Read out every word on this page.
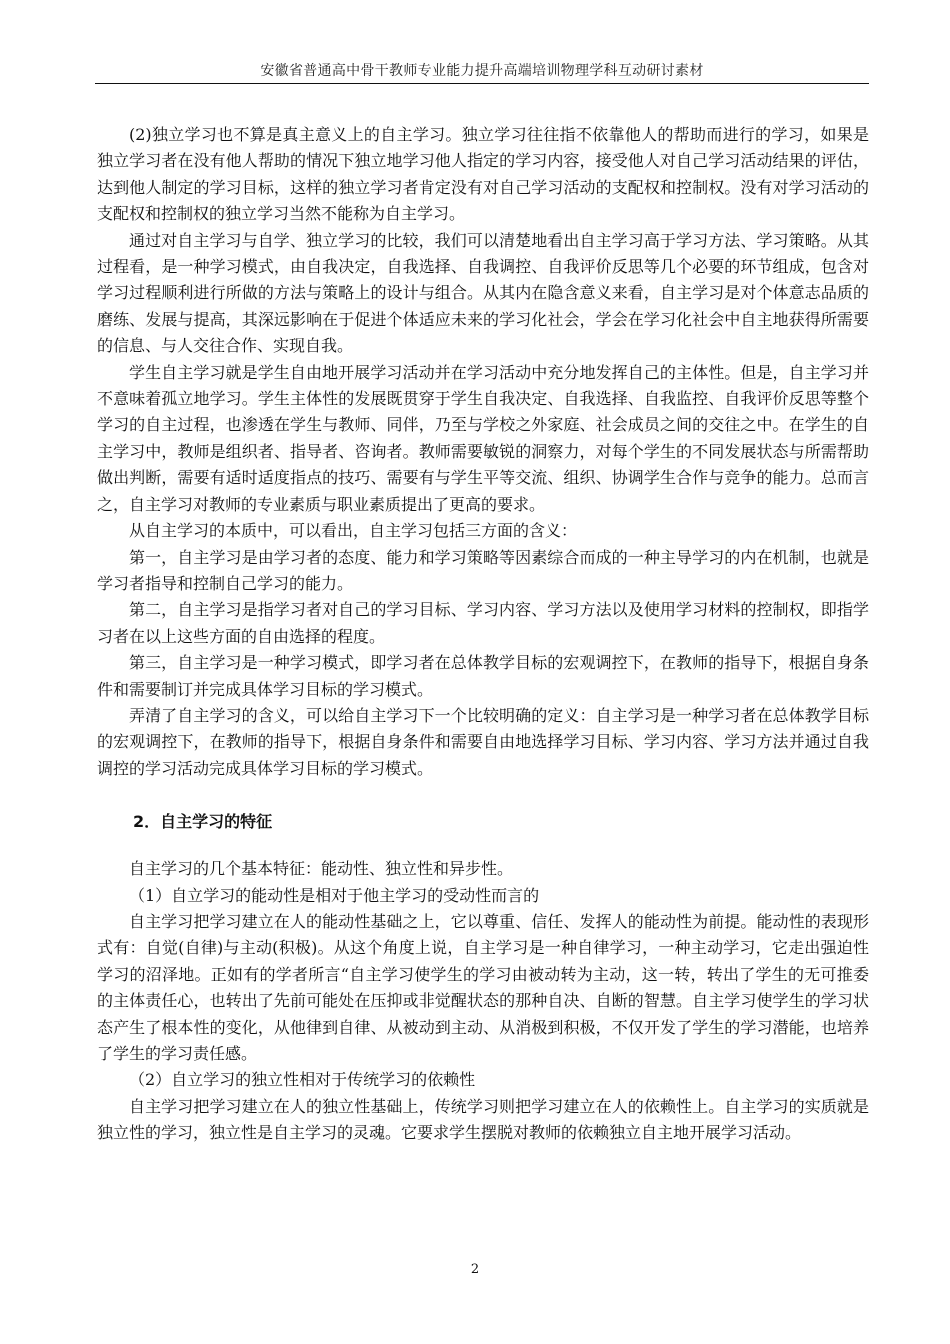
安徽省普通高中骨干教师专业能力提升高端培训物理学科互动研讨素材

(2)独立学习也不算是真主意义上的自主学习。独立学习往往指不依靠他人的帮助而进行的学习，如果是独立学习者在没有他人帮助的情况下独立地学习他人指定的学习内容，接受他人对自己学习活动结果的评估，达到他人制定的学习目标，这样的独立学习者肯定没有对自己学习活动的支配权和控制权。没有对学习活动的支配权和控制权的独立学习当然不能称为自主学习。

通过对自主学习与自学、独立学习的比较，我们可以清楚地看出自主学习高于学习方法、学习策略。从其过程看，是一种学习模式，由自我决定，自我选择、自我调控、自我评价反思等几个必要的环节组成，包含对学习过程顺利进行所做的方法与策略上的设计与组合。从其内在隐含意义来看，自主学习是对个体意志品质的磨练、发展与提高，其深远影响在于促进个体适应未来的学习化社会，学会在学习化社会中自主地获得所需要的信息、与人交往合作、实现自我。

学生自主学习就是学生自由地开展学习活动并在学习活动中充分地发挥自己的主体性。但是，自主学习并不意味着孤立地学习。学生主体性的发展既贯穿于学生自我决定、自我选择、自我监控、自我评价反思等整个学习的自主过程，也渗透在学生与教师、同伴，乃至与学校之外家庭、社会成员之间的交往之中。在学生的自主学习中，教师是组织者、指导者、咨询者。教师需要敏锐的洞察力，对每个学生的不同发展状态与所需帮助做出判断，需要有适时适度指点的技巧、需要有与学生平等交流、组织、协调学生合作与竞争的能力。总而言之，自主学习对教师的专业素质与职业素质提出了更高的要求。

从自主学习的本质中，可以看出，自主学习包括三方面的含义：

第一，自主学习是由学习者的态度、能力和学习策略等因素综合而成的一种主导学习的内在机制，也就是学习者指导和控制自己学习的能力。

第二，自主学习是指学习者对自己的学习目标、学习内容、学习方法以及使用学习材料的控制权，即指学习者在以上这些方面的自由选择的程度。

第三，自主学习是一种学习模式，即学习者在总体教学目标的宏观调控下，在教师的指导下，根据自身条件和需要制订并完成具体学习目标的学习模式。

弄清了自主学习的含义，可以给自主学习下一个比较明确的定义：自主学习是一种学习者在总体教学目标的宏观调控下，在教师的指导下，根据自身条件和需要自由地选择学习目标、学习内容、学习方法并通过自我调控的学习活动完成具体学习目标的学习模式。

2．自主学习的特征

自主学习的几个基本特征：能动性、独立性和异步性。

（1）自立学习的能动性是相对于他主学习的受动性而言的

自主学习把学习建立在人的能动性基础之上，它以尊重、信任、发挥人的能动性为前提。能动性的表现形式有：自觉(自律)与主动(积极)。从这个角度上说，自主学习是一种自律学习，一种主动学习，它走出强迫性学习的沼泽地。正如有的学者所言“自主学习使学生的学习由被动转为主动，这一转，转出了学生的无可推委的主体责任心，也转出了先前可能处在压抑或非觉醒状态的那种自决、自断的智慧。自主学习使学生的学习状态产生了根本性的变化，从他律到自律、从被动到主动、从消极到积极，不仅开发了学生的学习潜能，也培养了学生的学习责任感。

（2）自立学习的独立性相对于传统学习的依赖性

自主学习把学习建立在人的独立性基础上，传统学习则把学习建立在人的依赖性上。自主学习的实质就是独立性的学习，独立性是自主学习的灵魂。它要求学生摆脱对教师的依赖独立自主地开展学习活动。

2
